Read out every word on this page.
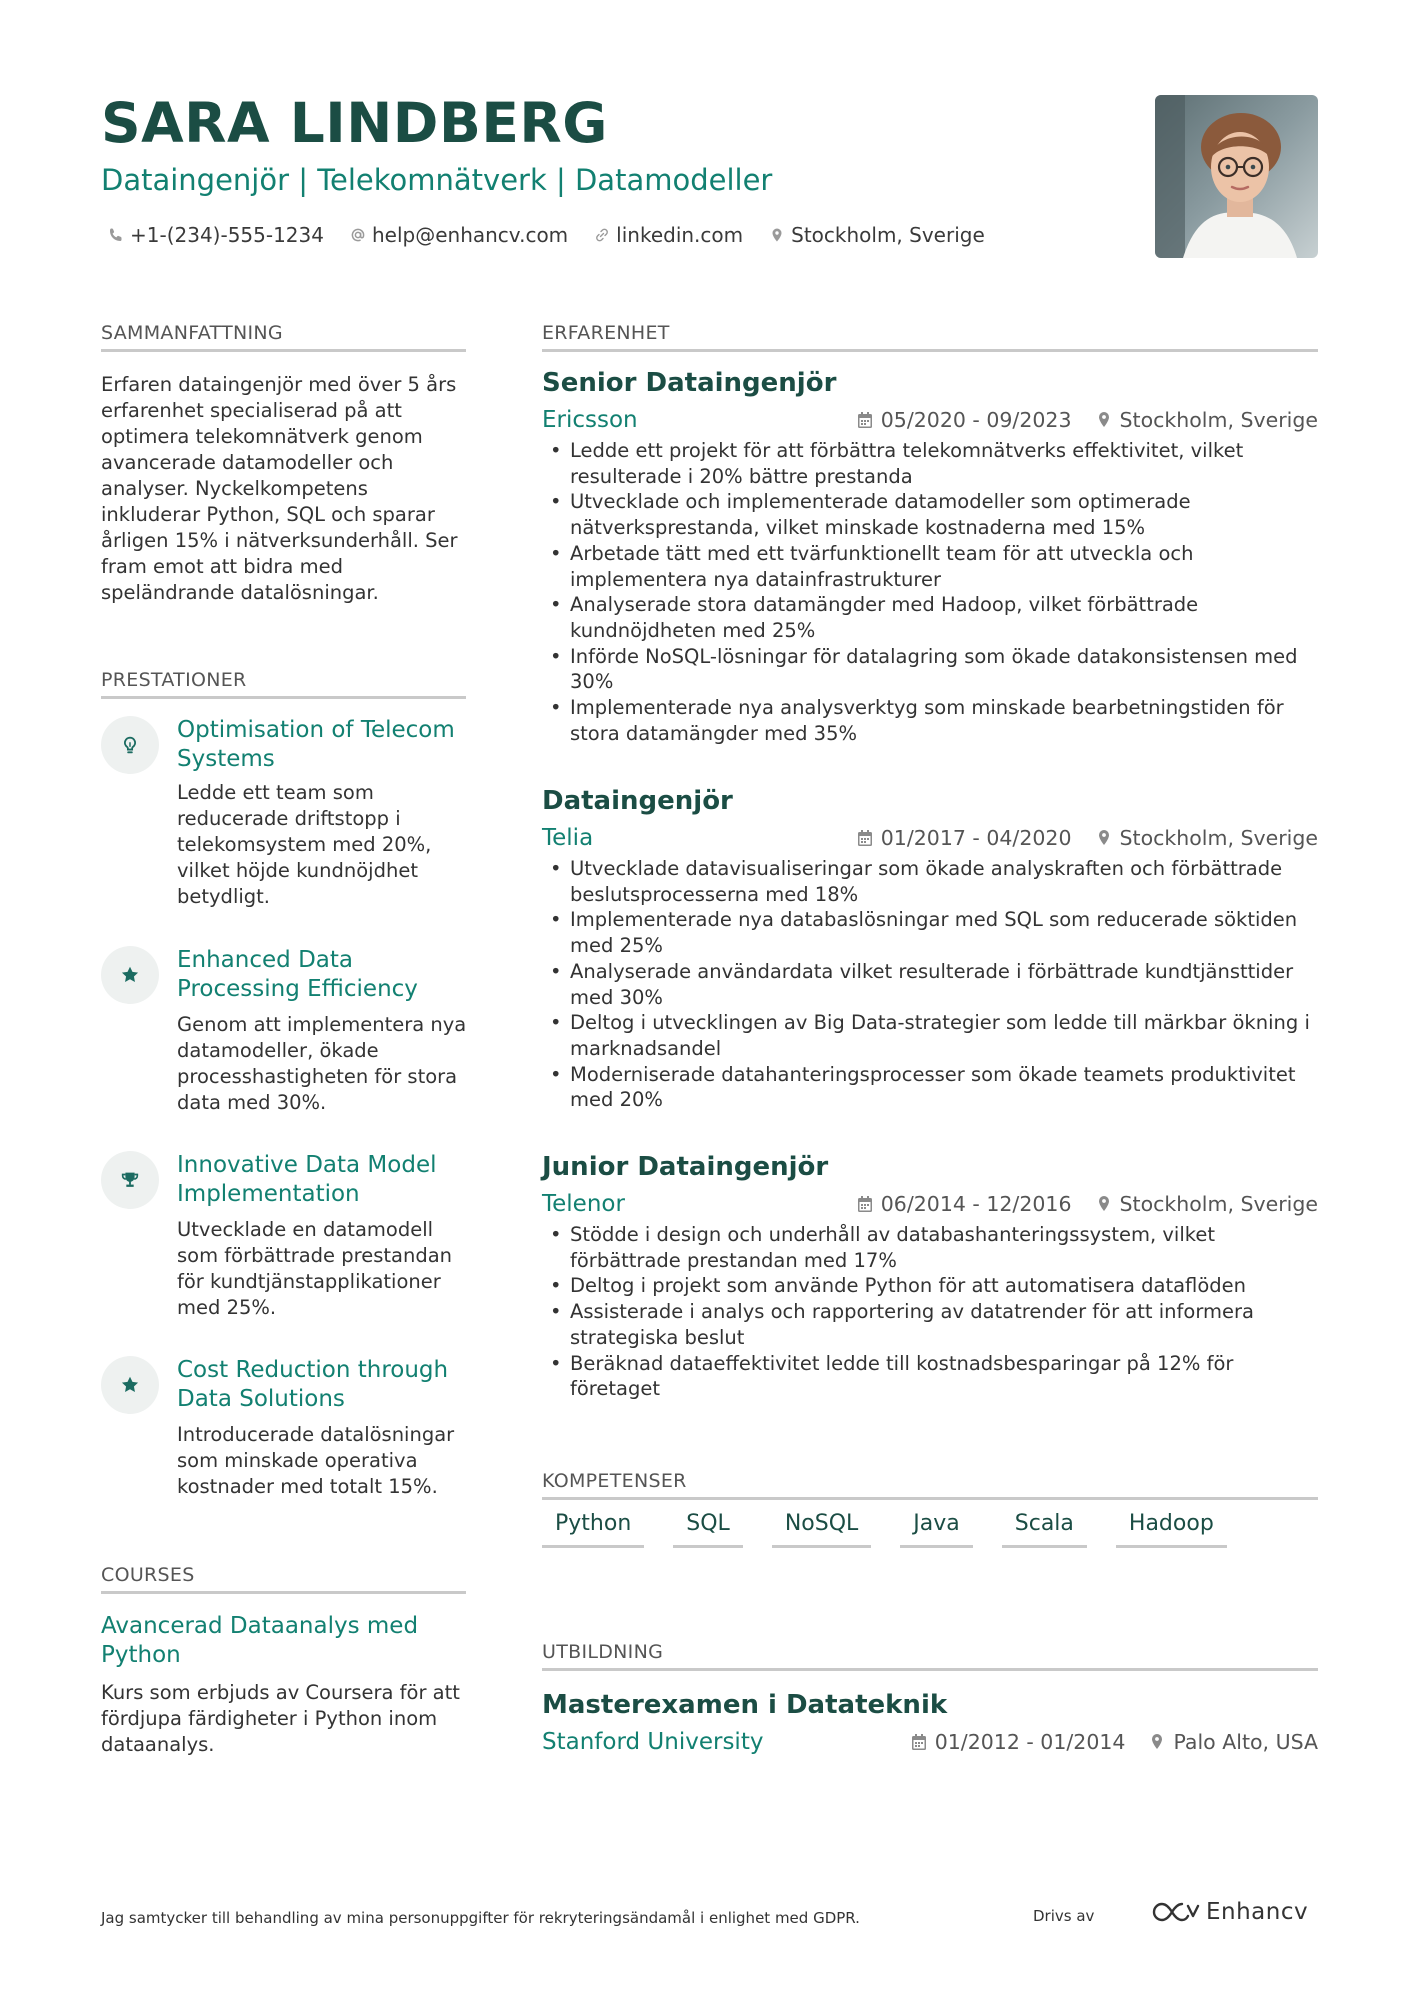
SARA LINDBERG
Dataingenjör | Telekomnätverk | Datamodeller
+1-(234)-555-1234 help@enhancv.com linkedin.com Stockholm, Sverige
SAMMANFATTNING
Erfaren dataingenjör med över 5 års erfarenhet specialiserad på att optimera telekomnätverk genom avancerade datamodeller och analyser. Nyckelkompetens inkluderar Python, SQL och sparar årligen 15% i nätverksunderhåll. Ser fram emot att bidra med speländrande datalösningar.
PRESTATIONER
Optimisation of Telecom Systems
Ledde ett team som reducerade driftstopp i telekomsystem med 20%, vilket höjde kundnöjdhet betydligt.
Enhanced Data Processing Efficiency
Genom att implementera nya datamodeller, ökade processhastigheten för stora data med 30%.
Innovative Data Model Implementation
Utvecklade en datamodell som förbättrade prestandan för kundtjänstapplikationer med 25%.
Cost Reduction through Data Solutions
Introducerade datalösningar som minskade operativa kostnader med totalt 15%.
COURSES
Avancerad Dataanalys med Python
Kurs som erbjuds av Coursera för att fördjupa färdigheter i Python inom dataanalys.
ERFARENHET
Senior Dataingenjör
Ericsson	05/2020 - 09/2023 Stockholm, Sverige
• Ledde ett projekt för att förbättra telekomnätverks effektivitet, vilket resulterade i 20% bättre prestanda
• Utvecklade och implementerade datamodeller som optimerade nätverksprestanda, vilket minskade kostnaderna med 15%
• Arbetade tätt med ett tvärfunktionellt team för att utveckla och implementera nya datainfrastrukturer
• Analyserade stora datamängder med Hadoop, vilket förbättrade kundnöjdheten med 25%
• Införde NoSQL-lösningar för datalagring som ökade datakonsistensen med 30%
• Implementerade nya analysverktyg som minskade bearbetningstiden för stora datamängder med 35%
Dataingenjör
Telia	01/2017 - 04/2020 Stockholm, Sverige
• Utvecklade datavisualiseringar som ökade analyskraften och förbättrade beslutsprocesserna med 18%
• Implementerade nya databaslösningar med SQL som reducerade söktiden med 25%
• Analyserade användardata vilket resulterade i förbättrade kundtjänsttider med 30%
• Deltog i utvecklingen av Big Data-strategier som ledde till märkbar ökning i marknadsandel
• Moderniserade datahanteringsprocesser som ökade teamets produktivitet med 20%
Junior Dataingenjör
Telenor	06/2014 - 12/2016 Stockholm, Sverige
• Stödde i design och underhåll av databashanteringssystem, vilket förbättrade prestandan med 17%
• Deltog i projekt som använde Python för att automatisera dataflöden
• Assisterade i analys och rapportering av datatrender för att informera strategiska beslut
• Beräknad dataeffektivitet ledde till kostnadsbesparingar på 12% för företaget
KOMPETENSER
Python	SQL	NoSQL	Java	Scala	Hadoop
UTBILDNING
Masterexamen i Datateknik
Stanford University	01/2012 - 01/2014 Palo Alto, USA
Jag samtycker till behandling av mina personuppgifter för rekryteringsändamål i enlighet med GDPR.	Drivs av	Enhancv
